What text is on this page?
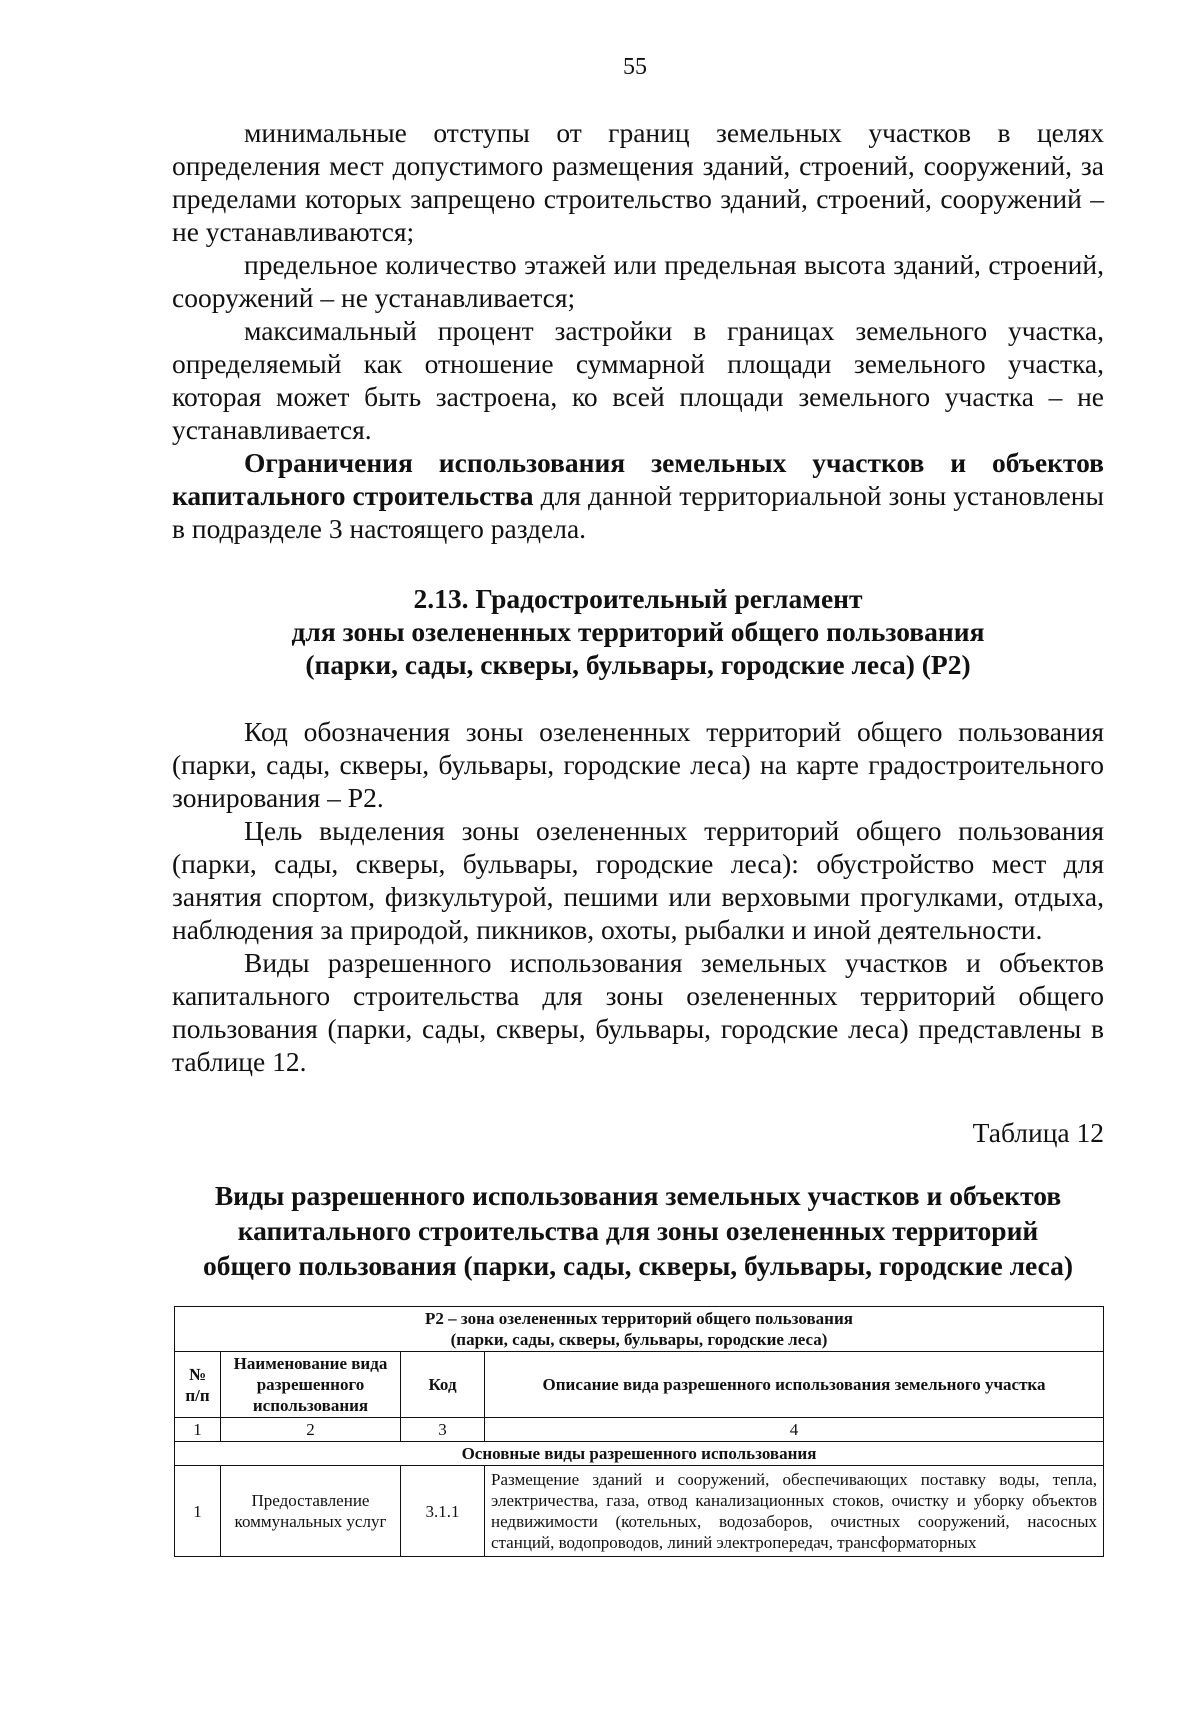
55

минимальные отступы от границ земельных участков в целях определения мест допустимого размещения зданий, строений, сооружений, за пределами которых запрещено строительство зданий, строений, сооружений – не устанавливаются;

предельное количество этажей или предельная высота зданий, строений, сооружений – не устанавливается;

максимальный процент застройки в границах земельного участка, определяемый как отношение суммарной площади земельного участка, которая может быть застроена, ко всей площади земельного участка – не устанавливается.

Ограничения использования земельных участков и объектов капитального строительства для данной территориальной зоны установлены в подразделе 3 настоящего раздела.

2.13. Градостроительный регламент
для зоны озелененных территорий общего пользования
(парки, сады, скверы, бульвары, городские леса) (Р2)

Код обозначения зоны озелененных территорий общего пользования (парки, сады, скверы, бульвары, городские леса) на карте градостроительного зонирования – Р2.

Цель выделения зоны озелененных территорий общего пользования (парки, сады, скверы, бульвары, городские леса): обустройство мест для занятия спортом, физкультурой, пешими или верховыми прогулками, отдыха, наблюдения за природой, пикников, охоты, рыбалки и иной деятельности.

Виды разрешенного использования земельных участков и объектов капитального строительства для зоны озелененных территорий общего пользования (парки, сады, скверы, бульвары, городские леса) представлены в таблице 12.

Таблица 12
Виды разрешенного использования земельных участков и объектов
капитального строительства для зоны озелененных территорий
общего пользования (парки, сады, скверы, бульвары, городские леса)
Р2 – зона озелененных территорий общего пользования
(парки, сады, скверы, бульвары, городские леса)			

№
п/п	Наименование вида разрешенного использования	Код	Описание вида разрешенного использования земельного участка
1	2	3	4
Основные виды разрешенного использования			
1	Предоставление коммунальных услуг	3.1.1	Размещение зданий и сооружений, обеспечивающих поставку воды, тепла, электричества, газа, отвод канализационных стоков, очистку и уборку объектов недвижимости (котельных, водозаборов, очистных сооружений, насосных станций, водопроводов, линий электропередач, трансформаторных
